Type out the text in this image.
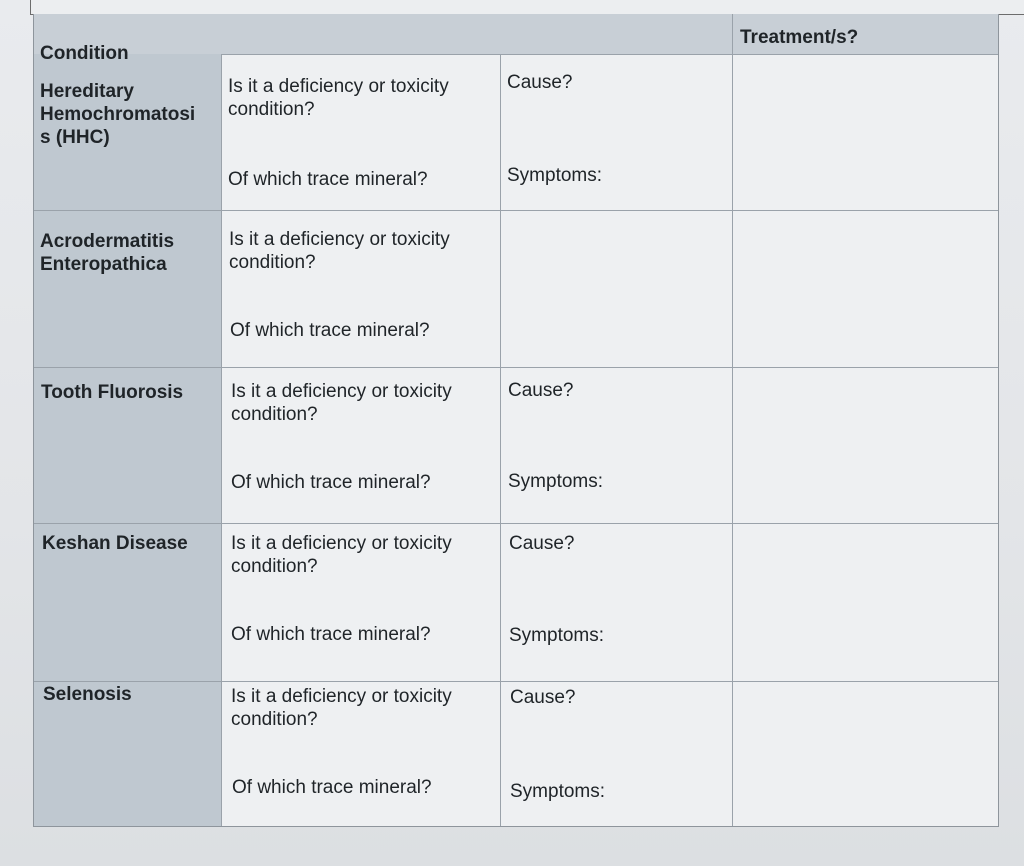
Condition
Treatment/s?
Hereditary
Hemochromatosi
s (HHC)
Is it a deficiency or toxicity
condition?
Of which trace mineral?
Cause?
Symptoms:
Acrodermatitis
Enteropathica
Is it a deficiency or toxicity
condition?
Of which trace mineral?
Tooth Fluorosis	Is it a deficiency or toxicity
condition?
Of which trace mineral?
Cause?
Symptoms:
Keshan Disease Is it a deficiency or toxicity
condition?
Of which trace mineral?
Cause?
Symptoms:
Selenosis	Is it a deficiency or toxicity
condition?
Of which trace mineral?
Cause?
Symptoms:
